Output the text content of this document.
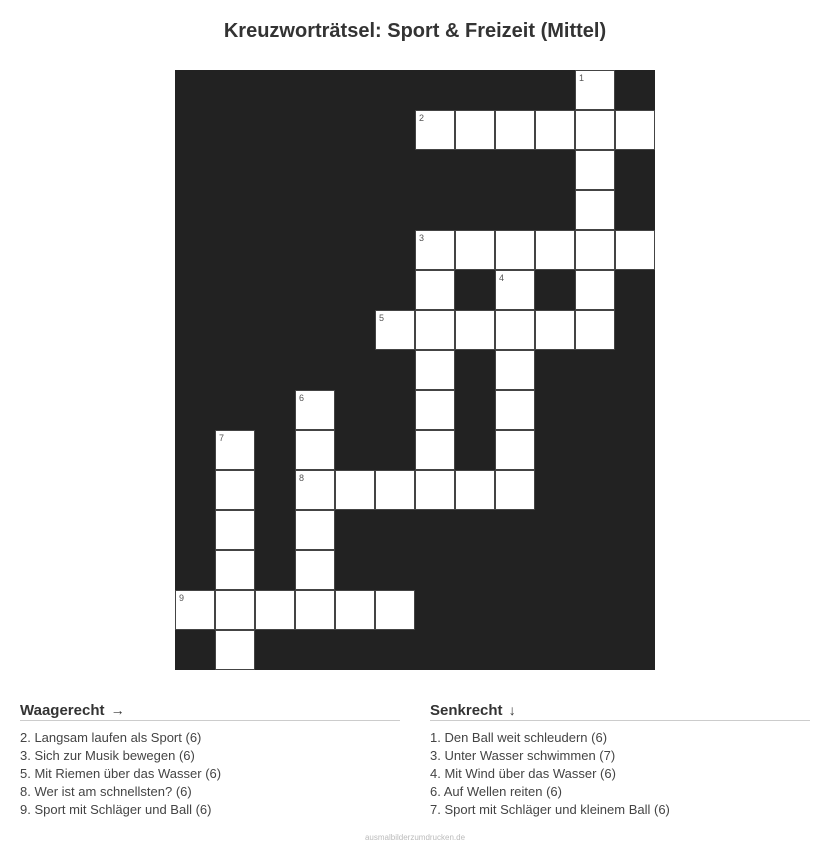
Kreuzworträtsel: Sport & Freizeit (Mittel)
1
2
3
4
5
6
7
8
9
Waagerecht →
2. Langsam laufen als Sport (6)
3. Sich zur Musik bewegen (6)
5. Mit Riemen über das Wasser (6)
8. Wer ist am schnellsten? (6)
9. Sport mit Schläger und Ball (6)
Senkrecht ↓
1. Den Ball weit schleudern (6)
3. Unter Wasser schwimmen (7)
4. Mit Wind über das Wasser (6)
6. Auf Wellen reiten (6)
7. Sport mit Schläger und kleinem Ball (6)
ausmalbilderzumdrucken.de
